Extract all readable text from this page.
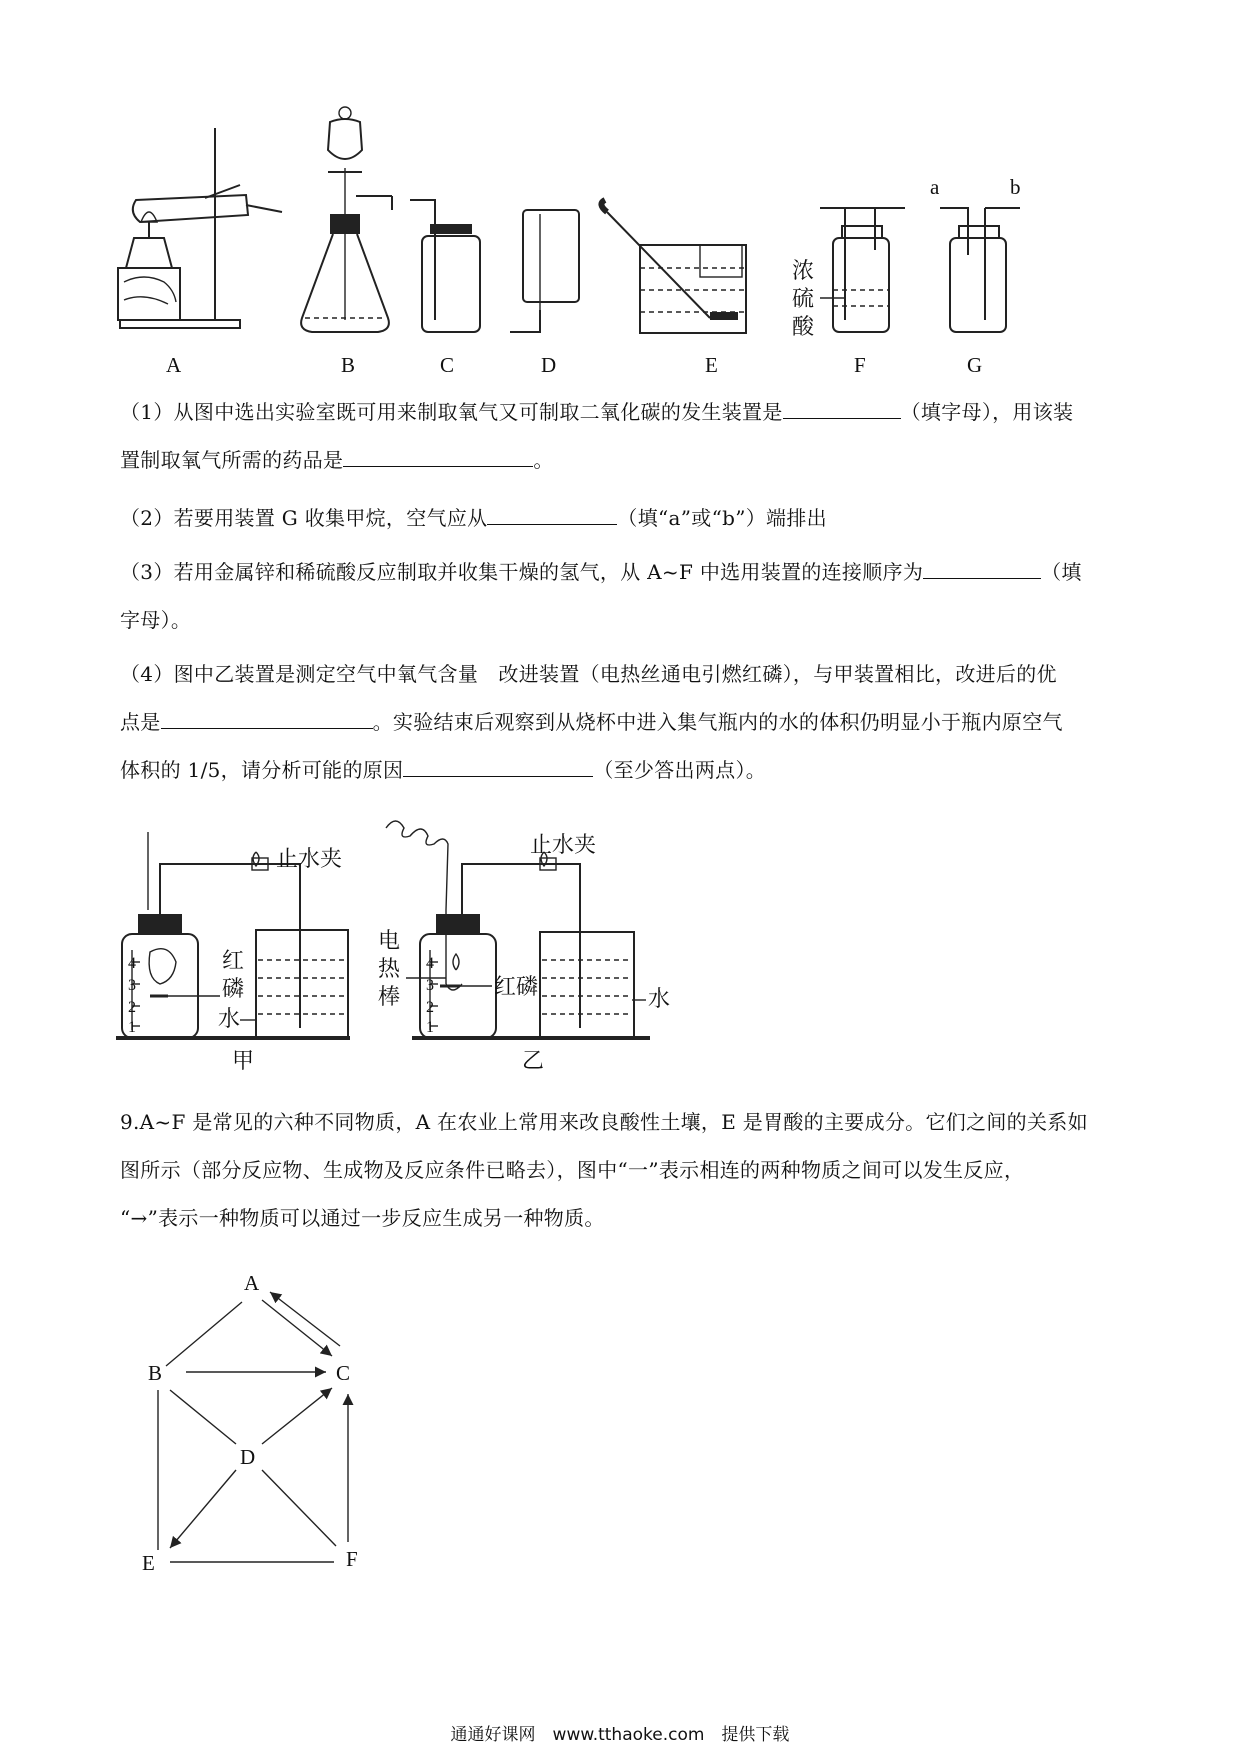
A	B	C	D	E	F	G
浓
硫
酸
a	b
（1）从图中选出实验室既可用来制取氧气又可制取二氧化碳的发生装置是	（填字母），用该装
置制取氧气所需的药品是	。
（2）若要用装置 G 收集甲烷，空气应从	（填“a”或“b”）端排出
（3）若用金属锌和稀硫酸反应制取并收集干燥的氢气，从 A~F 中选用装置的连接顺序为	（填
字母）。
（4）图中乙装置是测定空气中氧气含量　改进装置（电热丝通电引燃红磷），与甲装置相比，改进后的优
点是	。实验结束后观察到从烧杯中进入集气瓶内的水的体积仍明显小于瓶内原空气
体积的 1/5，请分析可能的原因	（至少答出两点）。
止水夹
红
磷
水
4
3
2
1
甲
止水夹
电
热
棒	红磷	水
4
3
2
1
乙
9.A~F 是常见的六种不同物质，A 在农业上常用来改良酸性土壤，E 是胃酸的主要成分。它们之间的关系如
图所示（部分反应物、生成物及反应条件已略去），图中“一”表示相连的两种物质之间可以发生反应，
“→”表示一种物质可以通过一步反应生成另一种物质。
A
B	C
D
E	F
通通好课网　www.tthaoke.com　提供下载
